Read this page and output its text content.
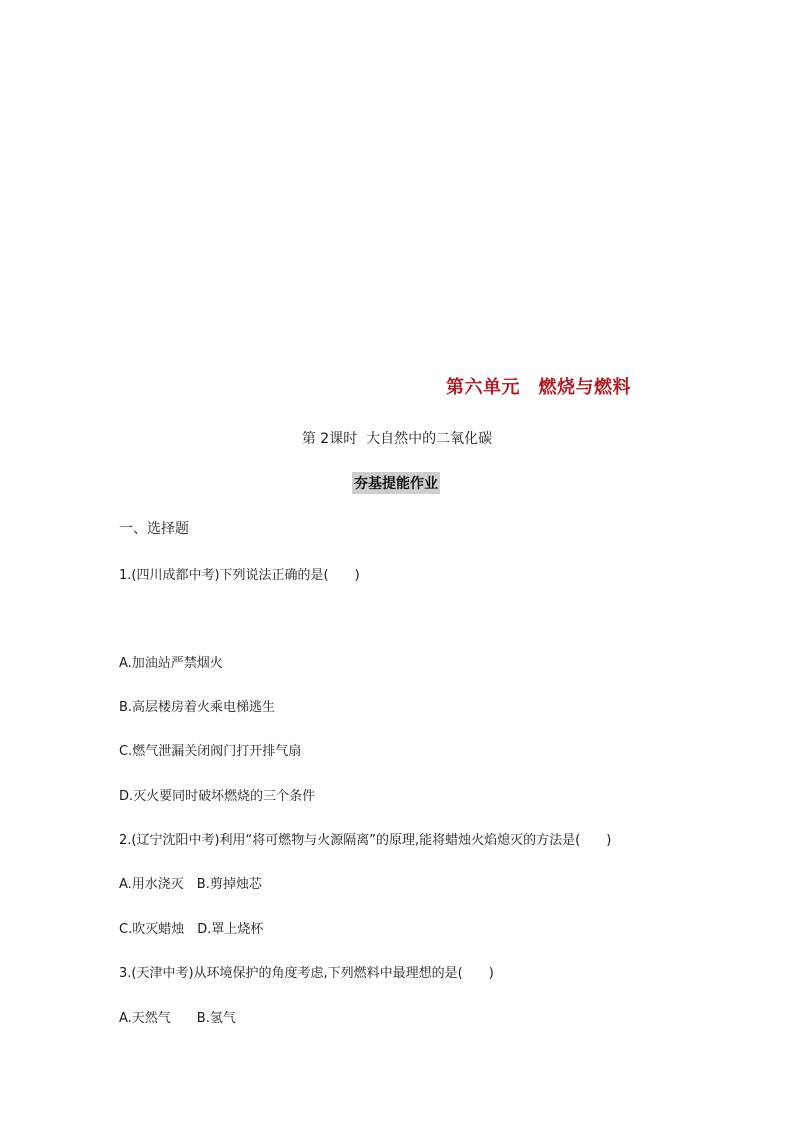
第六单元　燃烧与燃料
第 2课时  大自然中的二氧化碳
夯基提能作业
一、选择题
1.(四川成都中考)下列说法正确的是(　　)
A.加油站严禁烟火
B.高层楼房着火乘电梯逃生
C.燃气泄漏关闭阀门打开排气扇
D.灭火要同时破坏燃烧的三个条件
2.(辽宁沈阳中考)利用“将可燃物与火源隔离”的原理,能将蜡烛火焰熄灭的方法是(　　)
A.用水浇灭　B.剪掉烛芯
C.吹灭蜡烛　D.罩上烧杯
3.(天津中考)从环境保护的角度考虑,下列燃料中最理想的是(　　)
A.天然气　　B.氢气
